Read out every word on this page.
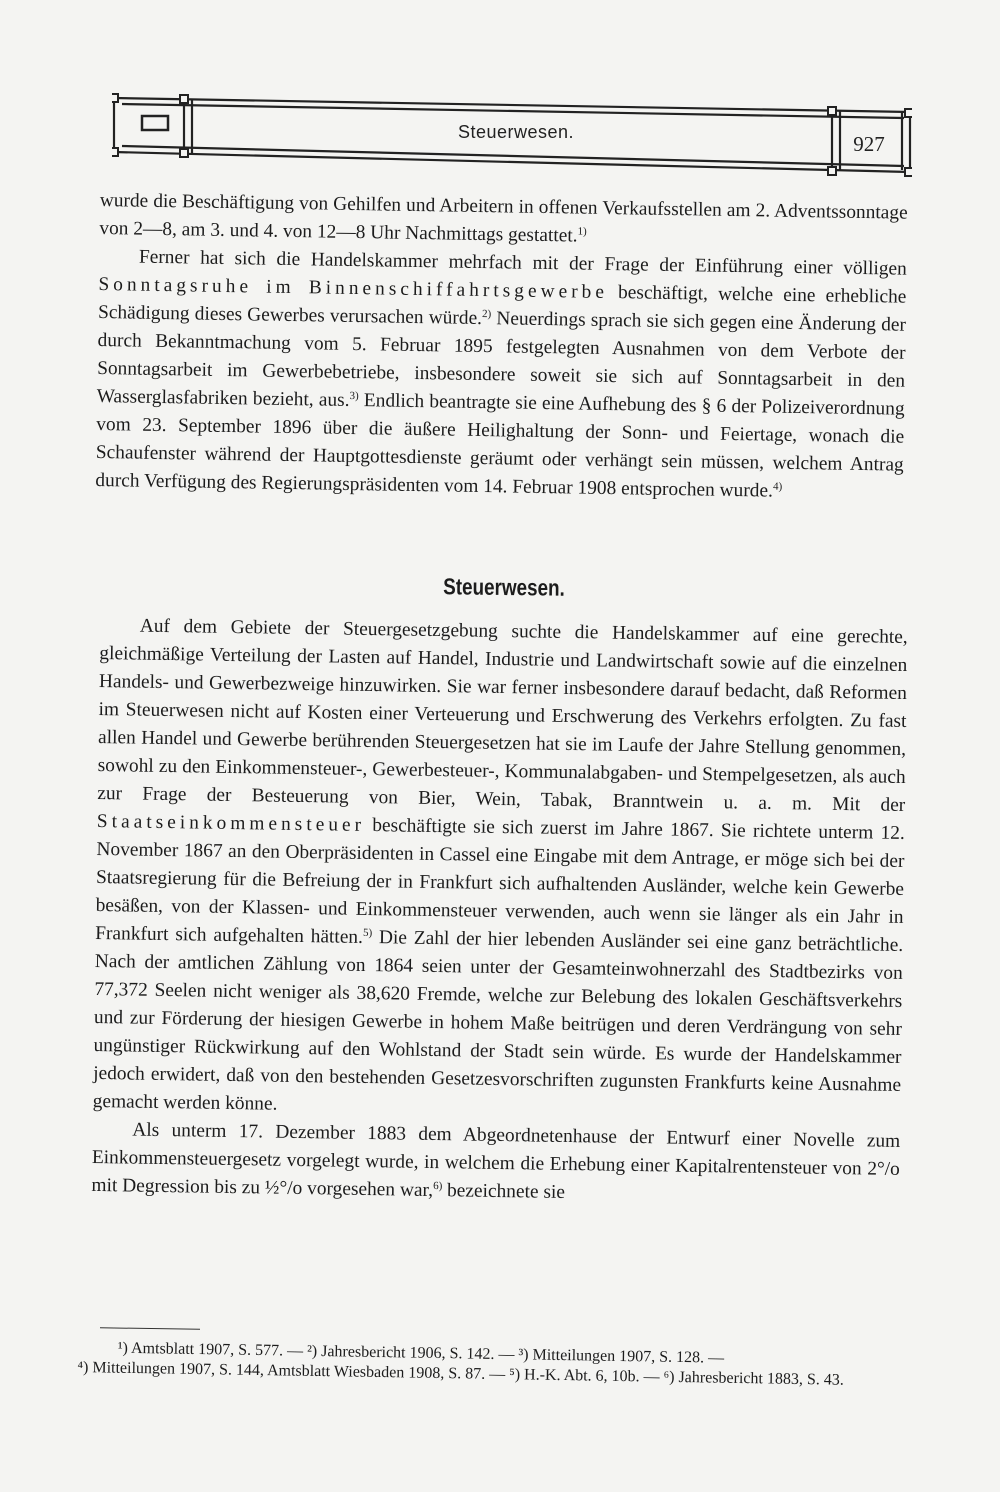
Steuerwesen.	927

wurde die Beschäftigung von Gehilfen und Arbeitern in offenen Verkaufsstellen am 2. Adventssonntage von 2—8, am 3. und 4. von 12—8 Uhr Nachmittags gestattet.$^{1)}$

Ferner hat sich die Handelskammer mehrfach mit der Frage der Einführung einer völligen Sonntagsruhe im Binnenschiffahrtsgewerbe beschäftigt, welche eine erhebliche Schädigung dieses Gewerbes verursachen würde.$^{2)}$ Neuerdings sprach sie sich gegen eine Änderung der durch Bekanntmachung vom 5. Februar 1895 festgelegten Ausnahmen von dem Verbote der Sonntagsarbeit im Gewerbebetriebe, insbesondere soweit sie sich auf Sonntagsarbeit in den Wasserglasfabriken bezieht, aus.$^{3)}$ Endlich beantragte sie eine Aufhebung des § 6 der Polizeiverordnung vom 23. September 1896 über die äußere Heilighaltung der Sonn- und Feiertage, wonach die Schaufenster während der Hauptgottesdienste geräumt oder verhängt sein müssen, welchem Antrag durch Verfügung des Regierungspräsidenten vom 14. Februar 1908 entsprochen wurde.$^{4)}$

Steuerwesen.

Auf dem Gebiete der Steuergesetzgebung suchte die Handelskammer auf eine gerechte, gleichmäßige Verteilung der Lasten auf Handel, Industrie und Landwirtschaft sowie auf die einzelnen Handels- und Gewerbezweige hinzuwirken. Sie war ferner insbesondere darauf bedacht, daß Reformen im Steuerwesen nicht auf Kosten einer Verteuerung und Erschwerung des Verkehrs erfolgten. Zu fast allen Handel und Gewerbe berührenden Steuergesetzen hat sie im Laufe der Jahre Stellung genommen, sowohl zu den Einkommensteuer-, Gewerbesteuer-, Kommunalabgaben- und Stempelgesetzen, als auch zur Frage der Besteuerung von Bier, Wein, Tabak, Branntwein u. a. m. Mit der Staatseinkommensteuer beschäftigte sie sich zuerst im Jahre 1867. Sie richtete unterm 12. November 1867 an den Oberpräsidenten in Cassel eine Eingabe mit dem Antrage, er möge sich bei der Staatsregierung für die Befreiung der in Frankfurt sich aufhaltenden Ausländer, welche kein Gewerbe besäßen, von der Klassen- und Einkommensteuer verwenden, auch wenn sie länger als ein Jahr in Frankfurt sich aufgehalten hätten.$^{5)}$ Die Zahl der hier lebenden Ausländer sei eine ganz beträchtliche. Nach der amtlichen Zählung von 1864 seien unter der Gesamteinwohnerzahl des Stadtbezirks von 77,372 Seelen nicht weniger als 38,620 Fremde, welche zur Belebung des lokalen Geschäftsverkehrs und zur Förderung der hiesigen Gewerbe in hohem Maße beitrügen und deren Verdrängung von sehr ungünstiger Rückwirkung auf den Wohlstand der Stadt sein würde. Es wurde der Handelskammer jedoch erwidert, daß von den bestehenden Gesetzesvorschriften zugunsten Frankfurts keine Ausnahme gemacht werden könne.

Als unterm 17. Dezember 1883 dem Abgeordnetenhause der Entwurf einer Novelle zum Einkommensteuergesetz vorgelegt wurde, in welchem die Erhebung einer Kapitalrentensteuer von 2°/o mit Degression bis zu ½°/o vorgesehen war,$^{6)}$ bezeichnete sie

¹) Amtsblatt 1907, S. 577. — ²) Jahresbericht 1906, S. 142. — ³) Mitteilungen 1907, S. 128. —

⁴) Mitteilungen 1907, S. 144, Amtsblatt Wiesbaden 1908, S. 87. — ⁵) H.-K. Abt. 6, 10b. — ⁶) Jahresbericht 1883, S. 43.
